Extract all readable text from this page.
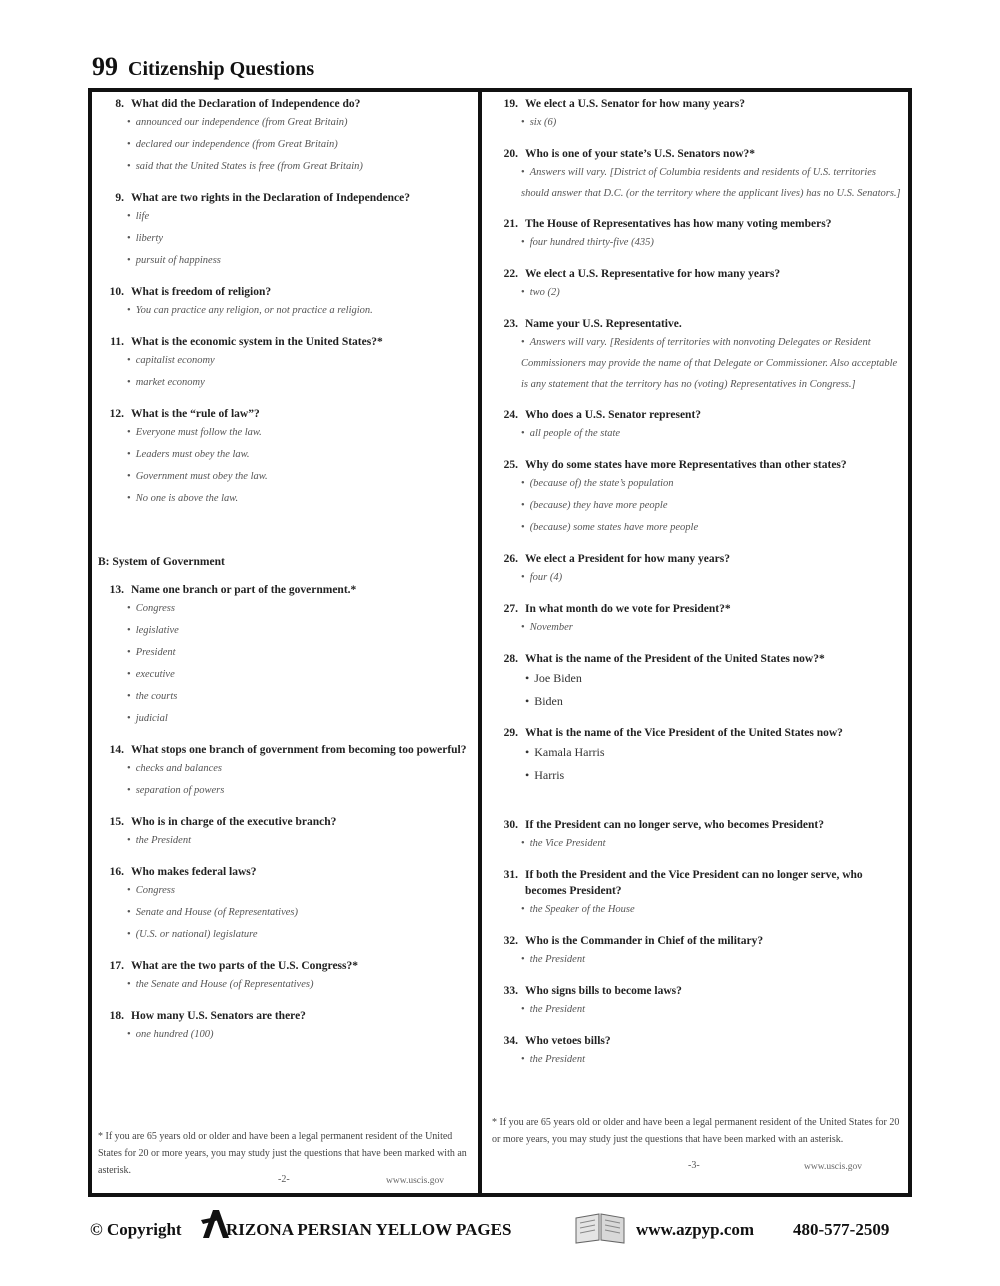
99 Citizenship Questions
8. What did the Declaration of Independence do?
• announced our independence (from Great Britain)
• declared our independence (from Great Britain)
• said that the United States is free (from Great Britain)
9. What are two rights in the Declaration of Independence?
• life
• liberty
• pursuit of happiness
10. What is freedom of religion?
• You can practice any religion, or not practice a religion.
11. What is the economic system in the United States?*
• capitalist economy
• market economy
12. What is the “rule of law”?
• Everyone must follow the law.
• Leaders must obey the law.
• Government must obey the law.
• No one is above the law.
B: System of Government
13. Name one branch or part of the government.*
• Congress
• legislative
• President
• executive
• the courts
• judicial
14. What stops one branch of government from becoming too powerful?
• checks and balances
• separation of powers
15. Who is in charge of the executive branch?
• the President
16. Who makes federal laws?
• Congress
• Senate and House (of Representatives)
• (U.S. or national) legislature
17. What are the two parts of the U.S. Congress?*
• the Senate and House (of Representatives)
18. How many U.S. Senators are there?
• one hundred (100)
19. We elect a U.S. Senator for how many years?
• six (6)
20. Who is one of your state’s U.S. Senators now?*
• Answers will vary. [District of Columbia residents and residents of U.S. territories should answer that D.C. (or the territory where the applicant lives) has no U.S. Senators.]
21. The House of Representatives has how many voting members?
• four hundred thirty-five (435)
22. We elect a U.S. Representative for how many years?
• two (2)
23. Name your U.S. Representative.
• Answers will vary. [Residents of territories with nonvoting Delegates or Resident Commissioners may provide the name of that Delegate or Commissioner. Also acceptable is any statement that the territory has no (voting) Representatives in Congress.]
24. Who does a U.S. Senator represent?
• all people of the state
25. Why do some states have more Representatives than other states?
• (because of) the state’s population
• (because) they have more people
• (because) some states have more people
26. We elect a President for how many years?
• four (4)
27. In what month do we vote for President?*
• November
28. What is the name of the President of the United States now?*
• Joe Biden
• Biden
29. What is the name of the Vice President of the United States now?
• Kamala Harris
• Harris
30. If the President can no longer serve, who becomes President?
• the Vice President
31. If both the President and the Vice President can no longer serve, who becomes President?
• the Speaker of the House
32. Who is the Commander in Chief of the military?
• the President
33. Who signs bills to become laws?
• the President
34. Who vetoes bills?
• the President
* If you are 65 years old or older and have been a legal permanent resident of the United States for 20 or more years, you may study just the questions that have been marked with an asterisk.
-2-	www.uscis.gov
* If you are 65 years old or older and have been a legal permanent resident of the United States for 20 or more years, you may study just the questions that have been marked with an asterisk.
-3-	www.uscis.gov
© Copyright	RIZONA PERSIAN YELLOW PAGES	www.azpyp.com 480-577-2509
